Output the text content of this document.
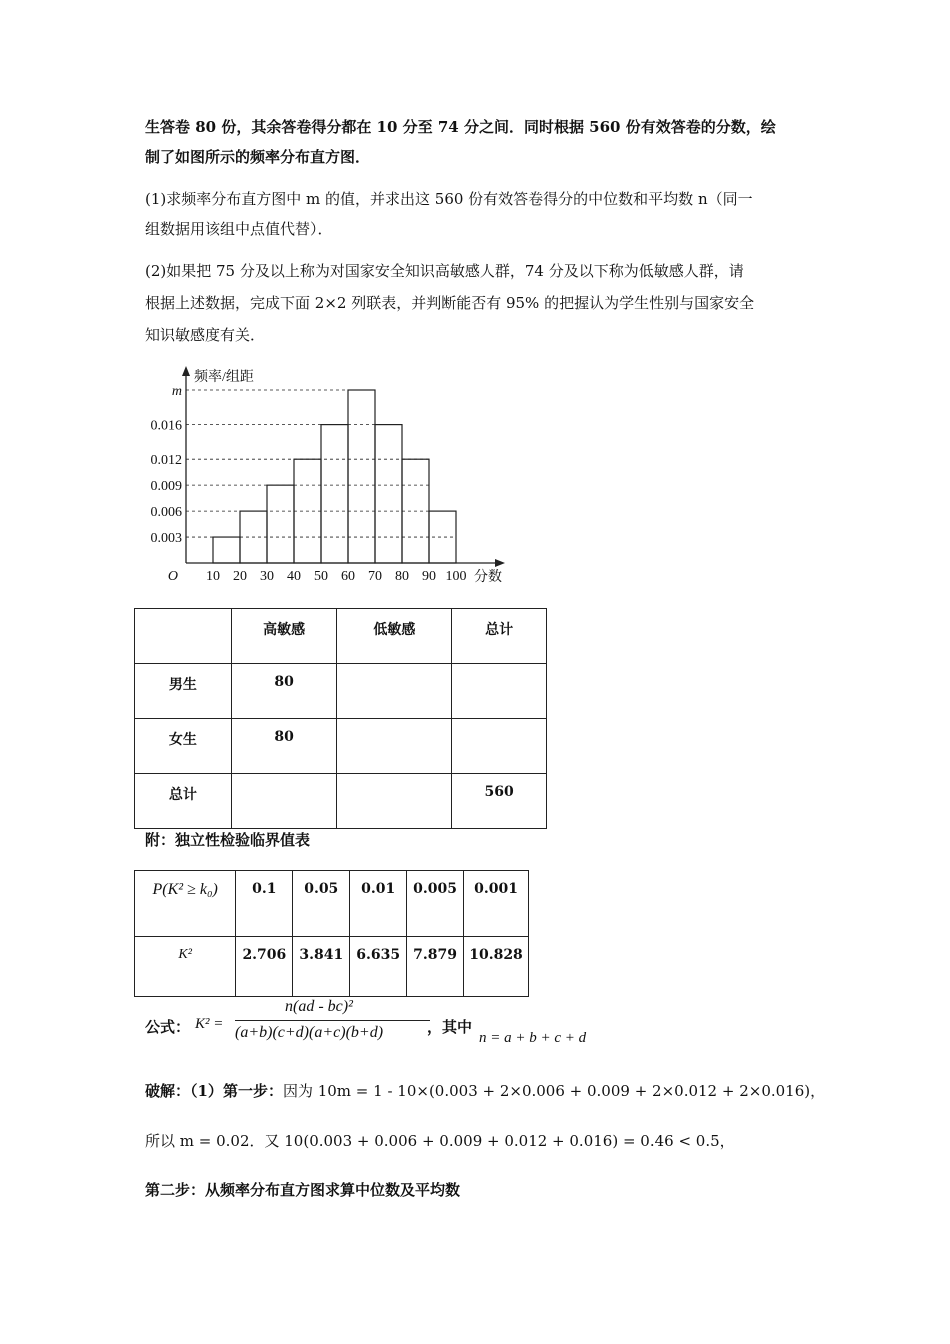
生答卷 80 份，其余答卷得分都在 10 分至 74 分之间．同时根据 560 份有效答卷的分数，绘
制了如图所示的频率分布直方图．
(1)求频率分布直方图中 m 的值，并求出这 560 份有效答卷得分的中位数和平均数 n（同一
组数据用该组中点值代替）．
(2)如果把 75 分及以上称为对国家安全知识高敏感人群，74 分及以下称为低敏感人群，请
根据上述数据，完成下面 2×2 列联表，并判断能否有 95% 的把握认为学生性别与国家安全
知识敏感度有关．
0.003
0.006
0.009
0.012
0.016
m
10 20 30 40 50 60 70 80 90 100
O
频率/组距
分数
	高敏感	低敏感	总计
男生	80		
女生	80		
总计			560
附：独立性检验临界值表
P(K² ≥ k₀)	0.1	0.05	0.01	0.005	0.001
K²	2.706	3.841	6.635	7.879	10.828
公式： K² =
n(ad - bc)²
(a+b)(c+d)(a+c)(b+d)	，其中
n = a + b + c + d
破解：（1）第一步：因为 10m = 1 - 10×(0.003 + 2×0.006 + 0.009 + 2×0.012 + 2×0.016)，
所以 m = 0.02．又 10(0.003 + 0.006 + 0.009 + 0.012 + 0.016) = 0.46 < 0.5，
第二步：从频率分布直方图求算中位数及平均数
